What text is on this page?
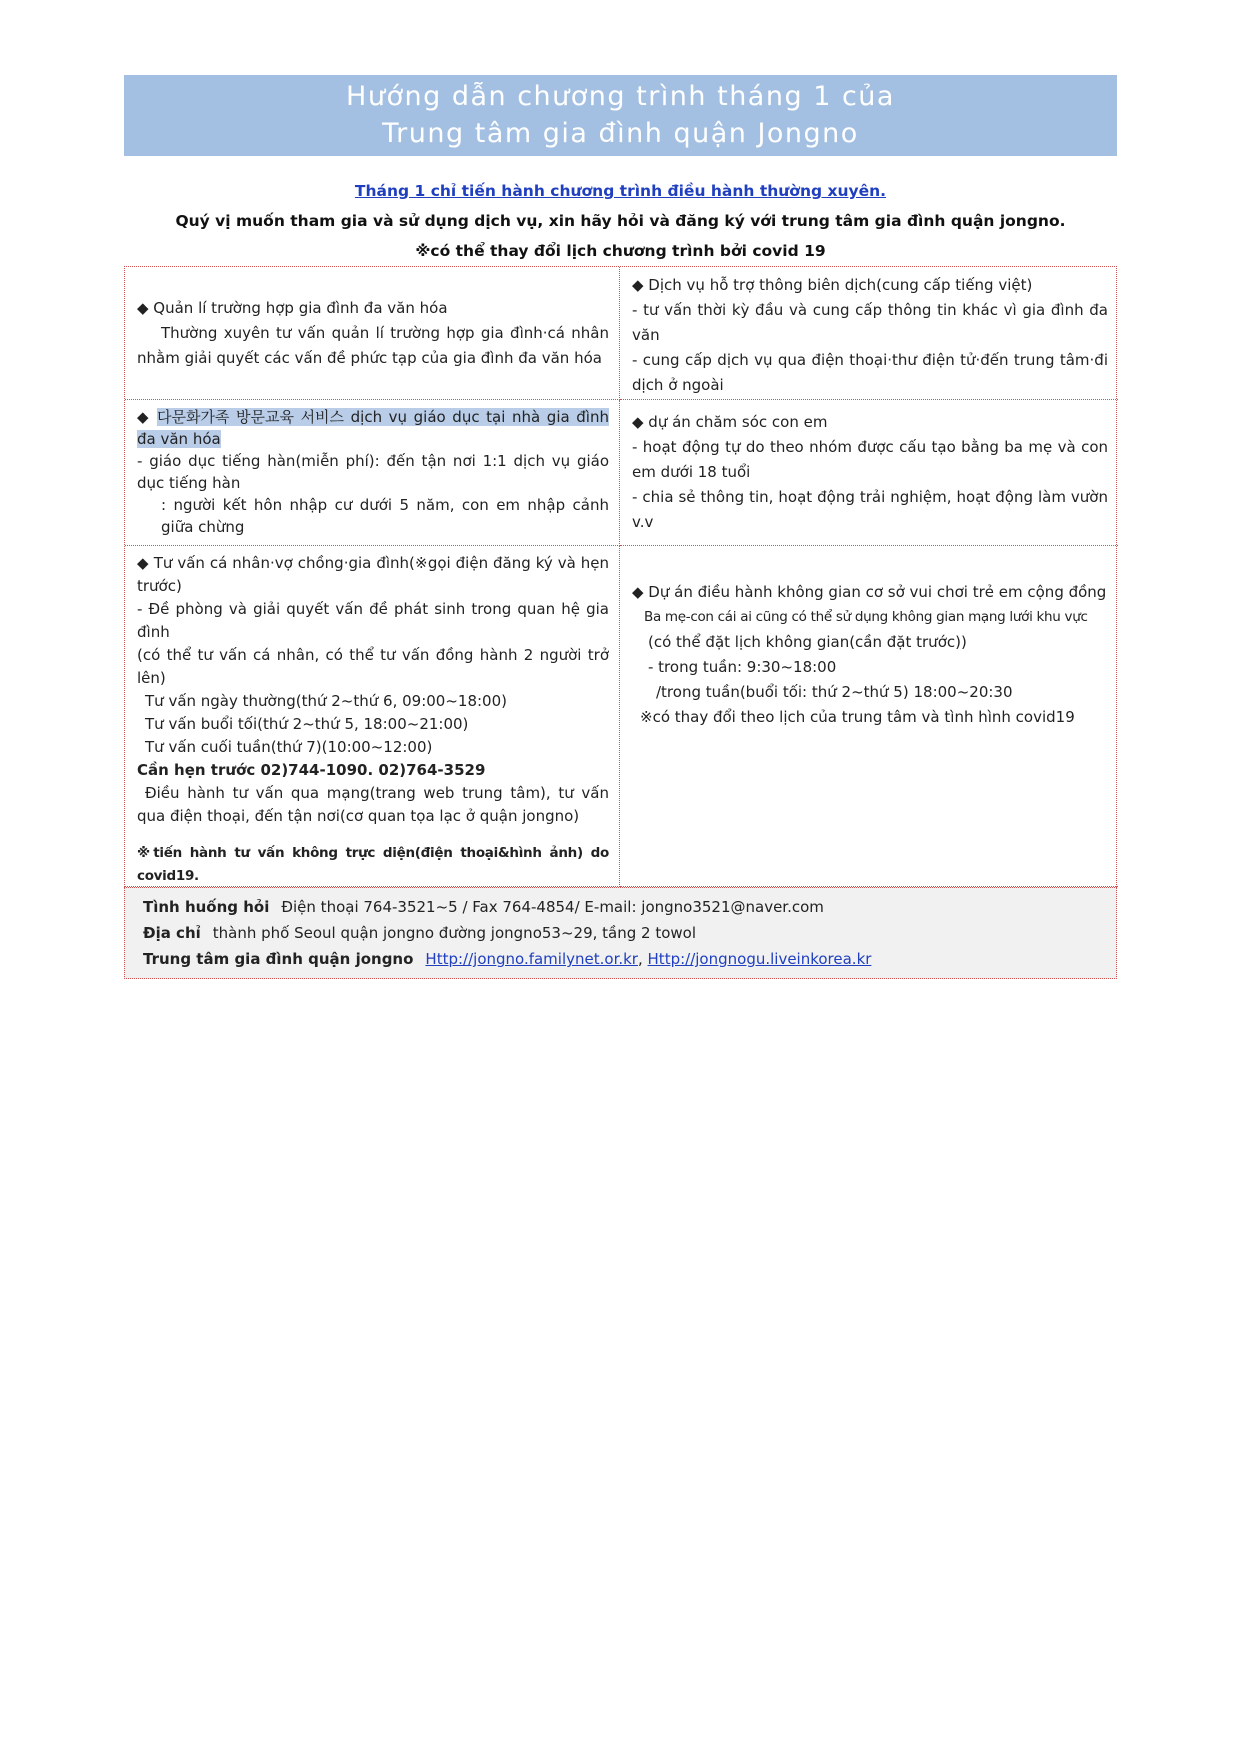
Hướng dẫn chương trình tháng 1 của
Trung tâm gia đình quận Jongno
Tháng 1 chỉ tiến hành chương trình điều hành thường xuyên.
Quý vị muốn tham gia và sử dụng dịch vụ, xin hãy hỏi và đăng ký với trung tâm gia đình quận jongno.
※có thể thay đổi lịch chương trình bởi covid 19
◆ Quản lí trường hợp gia đình đa văn hóa
Thường xuyên tư vấn quản lí trường hợp gia đình·cá nhân nhằm giải quyết các vấn đề phức tạp của gia đình đa văn hóa
◆ Dịch vụ hỗ trợ thông biên dịch(cung cấp tiếng việt)
- tư vấn thời kỳ đầu và cung cấp thông tin khác vì gia đình đa văn
- cung cấp dịch vụ qua điện thoại·thư điện tử·đến trung tâm·đi dịch ở ngoài
◆ 다문화가족 방문교육 서비스 dịch vụ giáo dục tại nhà gia đình đa văn hóa
- giáo dục tiếng hàn(miễn phí): đến tận nơi 1:1 dịch vụ giáo dục tiếng hàn
: người kết hôn nhập cư dưới 5 năm, con em nhập cảnh giữa chừng
◆ dự án chăm sóc con em
- hoạt động tự do theo nhóm được cấu tạo bằng ba mẹ và con em dưới 18 tuổi
- chia sẻ thông tin, hoạt động trải nghiệm, hoạt động làm vườn v.v
◆ Tư vấn cá nhân·vợ chồng·gia đình(※gọi điện đăng ký và hẹn trước)
- Đề phòng và giải quyết vấn đề phát sinh trong quan hệ gia đình
(có thể tư vấn cá nhân, có thể tư vấn đồng hành 2 người trở lên)
Tư vấn ngày thường(thứ 2~thứ 6, 09:00~18:00)
Tư vấn buổi tối(thứ 2~thứ 5, 18:00~21:00)
Tư vấn cuối tuần(thứ 7)(10:00~12:00)
Cần hẹn trước 02)744-1090. 02)764-3529
Điều hành tư vấn qua mạng(trang web trung tâm), tư vấn qua điện thoại, đến tận nơi(cơ quan tọa lạc ở quận jongno)
※tiến hành tư vấn không trực diện(điện thoại&hình ảnh) do covid19.
◆ Dự án điều hành không gian cơ sở vui chơi trẻ em cộng đồng
Ba mẹ-con cái ai cũng có thể sử dụng không gian mạng lưới khu vực
(có thể đặt lịch không gian(cần đặt trước))
- trong tuần: 9:30~18:00
/trong tuần(buổi tối: thứ 2~thứ 5) 18:00~20:30
※có thay đổi theo lịch của trung tâm và tình hình covid19
Tình huống hỏi Điện thoại 764-3521~5 / Fax 764-4854/ E-mail: jongno3521@naver.com
Địa chỉ thành phố Seoul quận jongno đường jongno53~29, tầng 2 towol
Trung tâm gia đình quận jongno Http://jongno.familynet.or.kr, Http://jongnogu.liveinkorea.kr
